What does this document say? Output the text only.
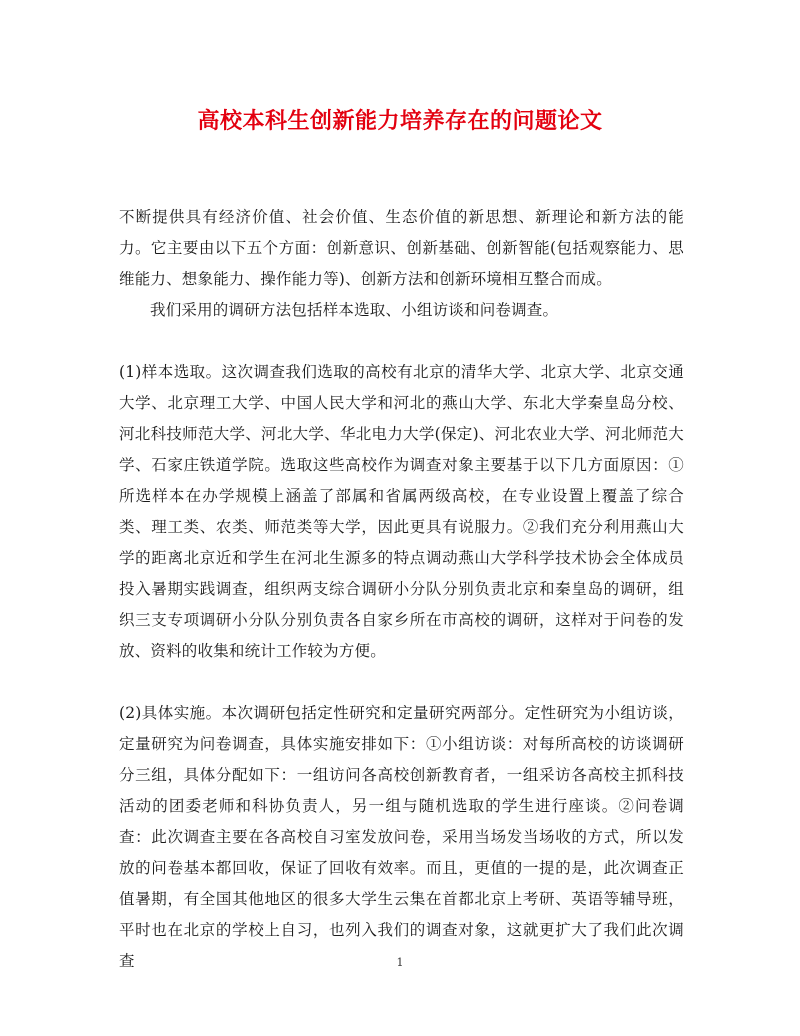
高校本科生创新能力培养存在的问题论文

不断提供具有经济价值、社会价值、生态价值的新思想、新理论和新方法的能力。它主要由以下五个方面：创新意识、创新基础、创新智能(包括观察能力、思维能力、想象能力、操作能力等)、创新方法和创新环境相互整合而成。

我们采用的调研方法包括样本选取、小组访谈和问卷调查。

(1)样本选取。这次调查我们选取的高校有北京的清华大学、北京大学、北京交通大学、北京理工大学、中国人民大学和河北的燕山大学、东北大学秦皇岛分校、河北科技师范大学、河北大学、华北电力大学(保定)、河北农业大学、河北师范大学、石家庄铁道学院。选取这些高校作为调查对象主要基于以下几方面原因：①所选样本在办学规模上涵盖了部属和省属两级高校，在专业设置上覆盖了综合类、理工类、农类、师范类等大学，因此更具有说服力。②我们充分利用燕山大学的距离北京近和学生在河北生源多的特点调动燕山大学科学技术协会全体成员投入暑期实践调查，组织两支综合调研小分队分别负责北京和秦皇岛的调研，组织三支专项调研小分队分别负责各自家乡所在市高校的调研，这样对于问卷的发放、资料的收集和统计工作较为方便。

(2)具体实施。本次调研包括定性研究和定量研究两部分。定性研究为小组访谈，定量研究为问卷调查，具体实施安排如下：①小组访谈：对每所高校的访谈调研分三组，具体分配如下：一组访问各高校创新教育者，一组采访各高校主抓科技活动的团委老师和科协负责人，另一组与随机选取的学生进行座谈。②问卷调查：此次调查主要在各高校自习室发放问卷，采用当场发当场收的方式，所以发放的问卷基本都回收，保证了回收有效率。而且，更值的一提的是，此次调查正值暑期，有全国其他地区的很多大学生云集在首都北京上考研、英语等辅导班，平时也在北京的学校上自习，也列入我们的调查对象，这就更扩大了我们此次调查	1
